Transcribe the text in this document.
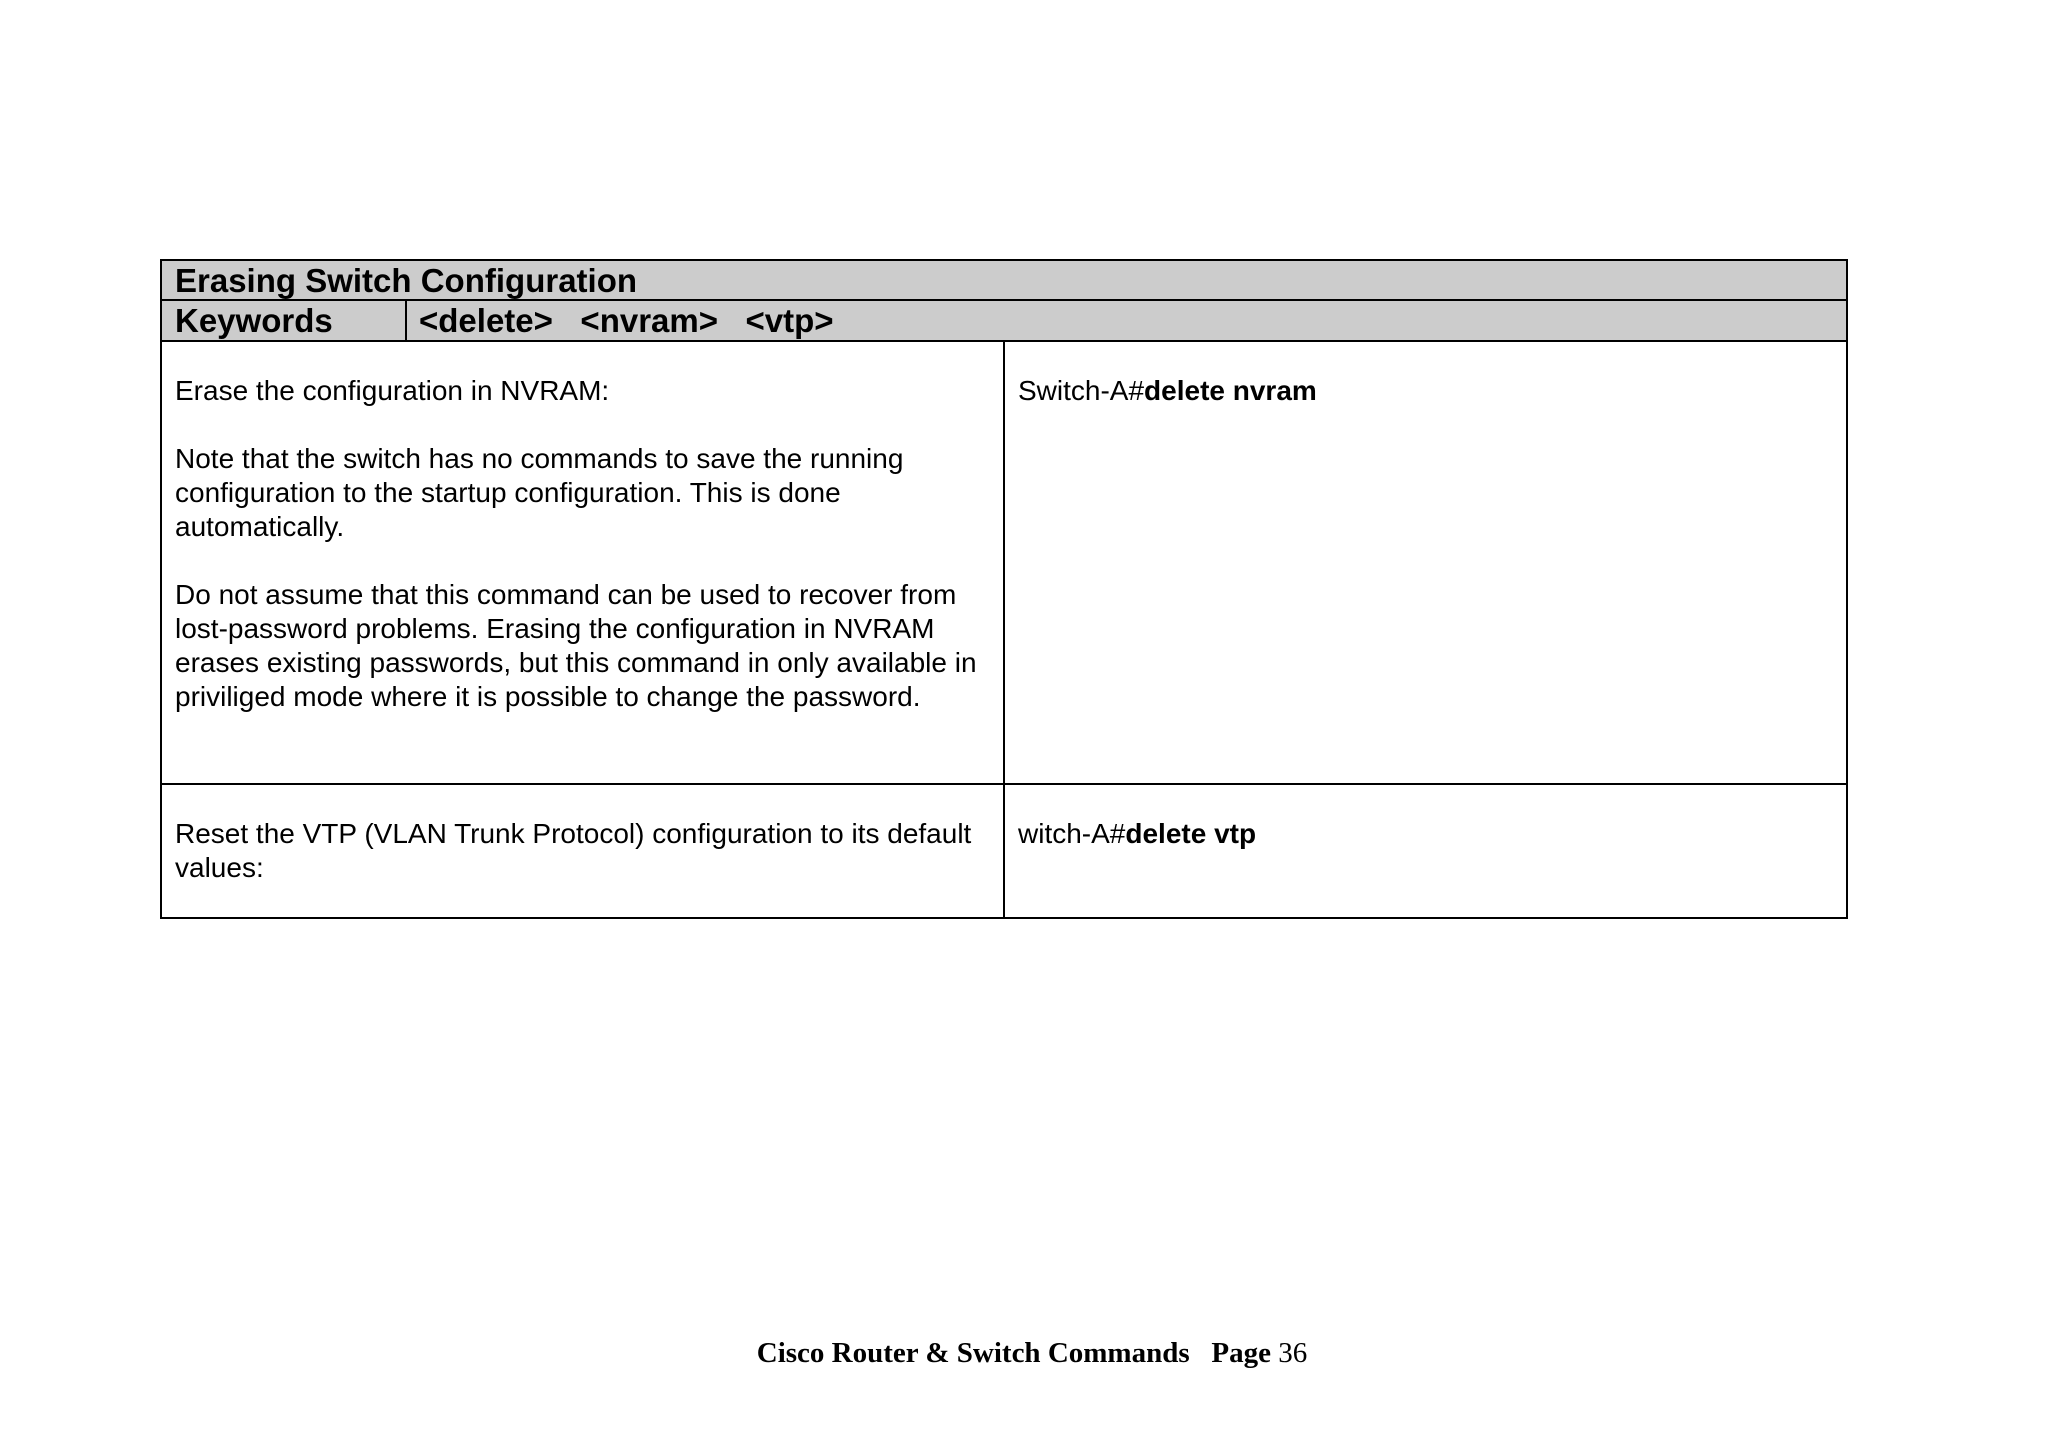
Erasing Switch Configuration
Keywords	<delete>   <nvram>   <vtp>

Erase the configuration in NVRAM:

Note that the switch has no commands to save the running configuration to the startup configuration. This is done automatically.

Do not assume that this command can be used to recover from lost-password problems. Erasing the configuration in NVRAM erases existing passwords, but this command in only available in priviliged mode where it is possible to change the password.

Switch-A#delete nvram

Reset the VTP (VLAN Trunk Protocol) configuration to its default values:

witch-A#delete vtp
Cisco Router & Switch Commands Page 36
